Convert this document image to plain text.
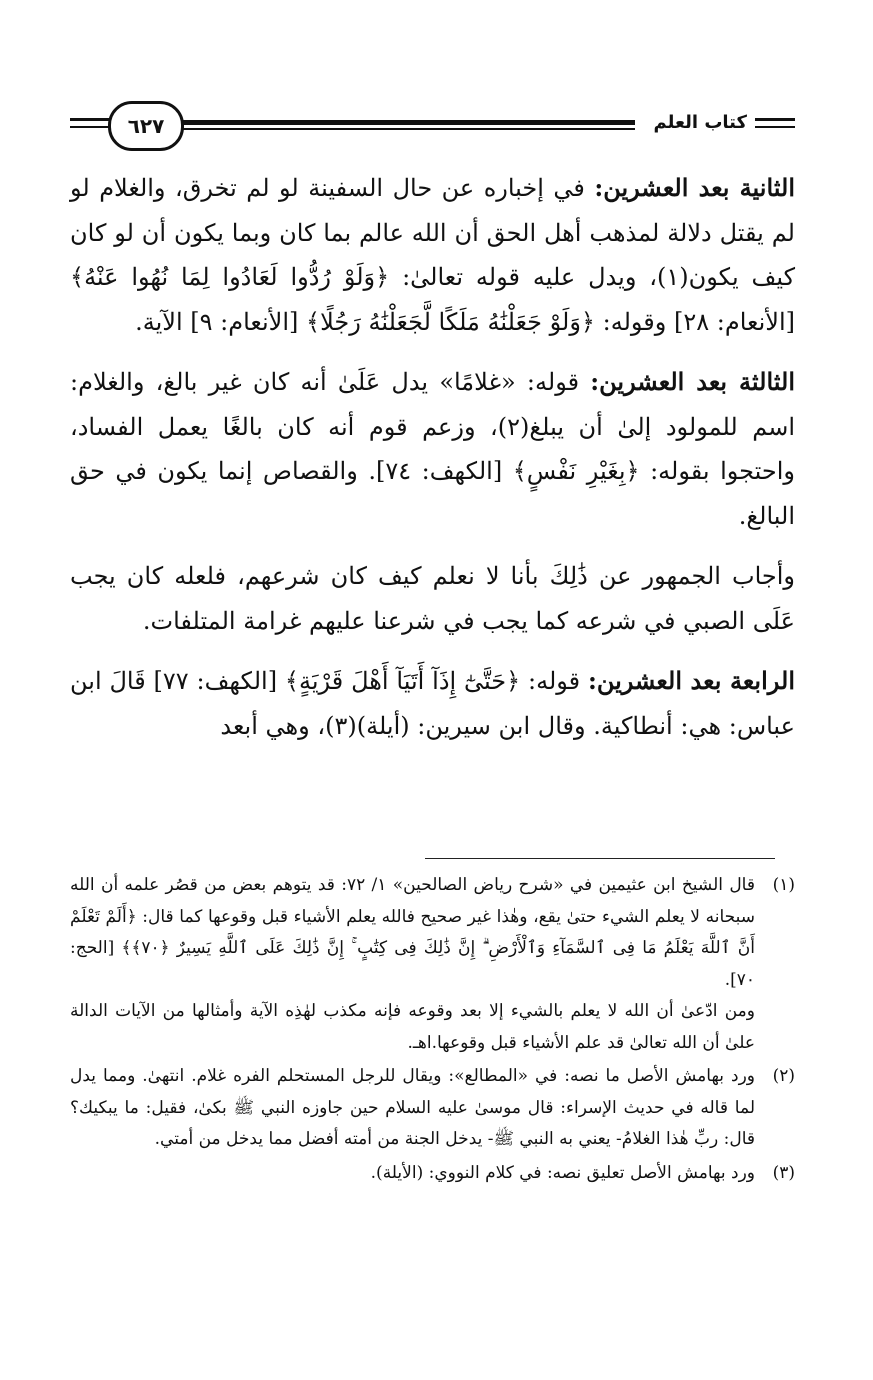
كتاب العلم
٦٢٧

الثانية بعد العشرين: في إخباره عن حال السفينة لو لم تخرق، والغلام لو لم يقتل دلالة لمذهب أهل الحق أن الله عالم بما كان وبما يكون أن لو كان كيف يكون(١)، ويدل عليه قوله تعالىٰ: ﴿وَلَوْ رُدُّوا لَعَادُوا لِمَا نُهُوا عَنْهُ﴾ [الأنعام: ٢٨] وقوله: ﴿وَلَوْ جَعَلْنَٰهُ مَلَكًا لَّجَعَلْنَٰهُ رَجُلًا﴾ [الأنعام: ٩] الآية.

الثالثة بعد العشرين: قوله: «غلامًا» يدل عَلَىٰ أنه كان غير بالغ، والغلام: اسم للمولود إلىٰ أن يبلغ(٢)، وزعم قوم أنه كان بالغًا يعمل الفساد، واحتجوا بقوله: ﴿بِغَيْرِ نَفْسٍ﴾ [الكهف: ٧٤]. والقصاص إنما يكون في حق البالغ.

وأجاب الجمهور عن ذَٰلِكَ بأنا لا نعلم كيف كان شرعهم، فلعله كان يجب عَلَى الصبي في شرعه كما يجب في شرعنا عليهم غرامة المتلفات.

الرابعة بعد العشرين: قوله: ﴿حَتَّىٰٓ إِذَآ أَتَيَآ أَهْلَ قَرْيَةٍ﴾ [الكهف: ٧٧] قَالَ ابن عباس: هي: أنطاكية. وقال ابن سيرين: (أيلة)(٣)، وهي أبعد

(١)

قال الشيخ ابن عثيمين في «شرح رياض الصالحين» ١/ ٧٢: قد يتوهم بعض من قصُر علمه أن الله سبحانه لا يعلم الشيء حتىٰ يقع، وهٰذا غير صحيح فالله يعلم الأشياء قبل وقوعها كما قال: ﴿أَلَمْ تَعْلَمْ أَنَّ ٱللَّهَ يَعْلَمُ مَا فِى ٱلسَّمَآءِ وَٱلْأَرْضِ ۗ إِنَّ ذَٰلِكَ فِى كِتَٰبٍ ۚ إِنَّ ذَٰلِكَ عَلَى ٱللَّهِ يَسِيرٌ ﴿٧٠﴾﴾ [الحج: ٧٠].

ومن ادّعىٰ أن الله لا يعلم بالشيء إلا بعد وقوعه فإنه مكذب لهٰذِه الآية وأمثالها من الآيات الدالة علىٰ أن الله تعالىٰ قد علم الأشياء قبل وقوعها.اهـ.

(٢)

ورد بهامش الأصل ما نصه: في «المطالع»: ويقال للرجل المستحلم الفره غلام. انتهىٰ. ومما يدل لما قاله في حديث الإسراء: قال موسىٰ عليه السلام حين جاوزه النبي ﷺ بكىٰ، فقيل: ما يبكيك؟ قال: ربِّ هٰذا الغلامُ- يعني به النبي ﷺ- يدخل الجنة من أمته أفضل مما يدخل من أمتي.

(٣)

ورد بهامش الأصل تعليق نصه: في كلام النووي: (الأيلة).
